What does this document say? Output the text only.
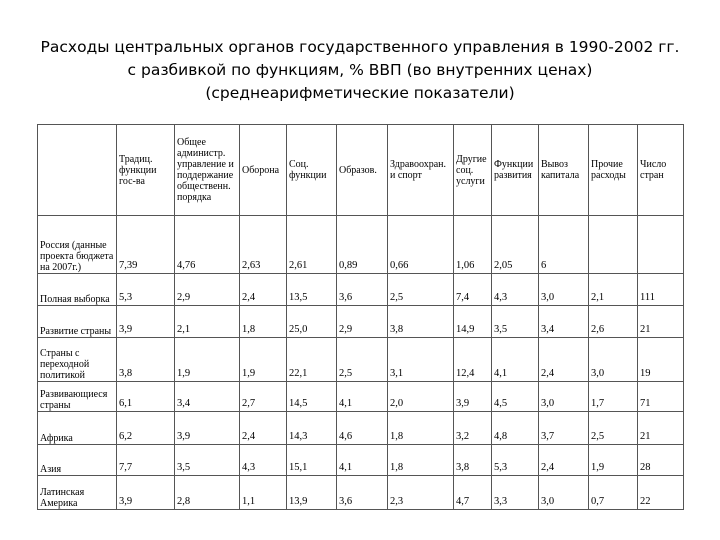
Расходы центральных органов государственного управления в 1990-2002 гг.
с разбивкой по функциям, % ВВП (во внутренних ценах)
(среднеарифметические показатели)
	Традиц. функции гос-ва	Общее администр. управление и поддержание общественн. порядка	Оборона	Соц. функции	Образов.	Здравоохран. и спорт	Другие соц. услуги	Функции развития	Вывоз капитала	Прочие расходы	Число стран
Россия (данные проекта бюджета на 2007г.)	7,39	4,76	2,63	2,61	0,89	0,66	1,06	2,05	6		
Полная выборка	5,3	2,9	2,4	13,5	3,6	2,5	7,4	4,3	3,0	2,1	111
Развитие страны	3,9	2,1	1,8	25,0	2,9	3,8	14,9	3,5	3,4	2,6	21
Страны с переходной политикой	3,8	1,9	1,9	22,1	2,5	3,1	12,4	4,1	2,4	3,0	19
Развивающиеся страны	6,1	3,4	2,7	14,5	4,1	2,0	3,9	4,5	3,0	1,7	71
Африка	6,2	3,9	2,4	14,3	4,6	1,8	3,2	4,8	3,7	2,5	21
Азия	7,7	3,5	4,3	15,1	4,1	1,8	3,8	5,3	2,4	1,9	28
Латинская Америка	3,9	2,8	1,1	13,9	3,6	2,3	4,7	3,3	3,0	0,7	22
